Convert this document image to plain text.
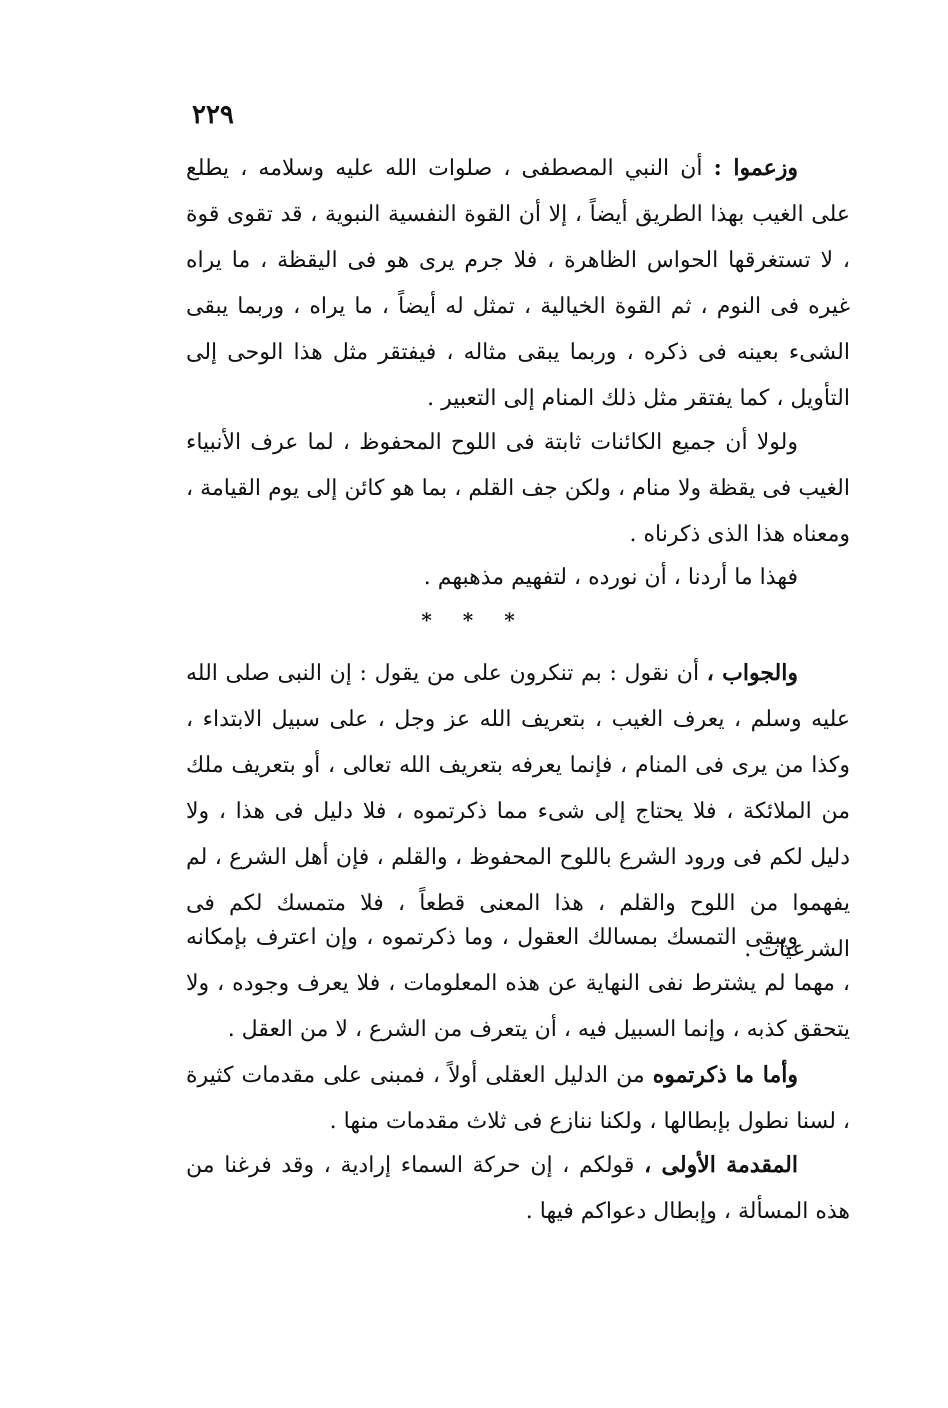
٢٢٩

وزعموا : أن النبي المصطفى ، صلوات الله عليه وسلامه ، يطلع على الغيب بهذا الطريق أيضاً ، إلا أن القوة النفسية النبوية ، قد تقوى قوة ، لا تستغرقها الحواس الظاهرة ، فلا جرم يرى هو فى اليقظة ، ما يراه غيره فى النوم ، ثم القوة الخيالية ، تمثل له أيضاً ، ما يراه ، وربما يبقى الشىء بعينه فى ذكره ، وربما يبقى مثاله ، فيفتقر مثل هذا الوحى إلى التأويل ، كما يفتقر مثل ذلك المنام إلى التعبير .

ولولا أن جميع الكائنات ثابتة فى اللوح المحفوظ ، لما عرف الأنبياء الغيب فى يقظة ولا منام ، ولكن جف القلم ، بما هو كائن إلى يوم القيامة ، ومعناه هذا الذى ذكرناه .

فهذا ما أردنا ، أن نورده ، لتفهيم مذهبهم .

* * *

والجواب ، أن نقول : بم تنكرون على من يقول : إن النبى صلى الله عليه وسلم ، يعرف الغيب ، بتعريف الله عز وجل ، على سبيل الابتداء ، وكذا من يرى فى المنام ، فإنما يعرفه بتعريف الله تعالى ، أو بتعريف ملك من الملائكة ، فلا يحتاج إلى شىء مما ذكرتموه ، فلا دليل فى هذا ، ولا دليل لكم فى ورود الشرع باللوح المحفوظ ، والقلم ، فإن أهل الشرع ، لم يفهموا من اللوح والقلم ، هذا المعنى قطعاً ، فلا متمسك لكم فى الشرعيات .

ويبقى التمسك بمسالك العقول ، وما ذكرتموه ، وإن اعترف بإمكانه ، مهما لم يشترط نفى النهاية عن هذه المعلومات ، فلا يعرف وجوده ، ولا يتحقق كذبه ، وإنما السبيل فيه ، أن يتعرف من الشرع ، لا من العقل .

وأما ما ذكرتموه من الدليل العقلى أولاً ، فمبنى على مقدمات كثيرة ، لسنا نطول بإبطالها ، ولكنا ننازع فى ثلاث مقدمات منها .

المقدمة الأولى ، قولكم ، إن حركة السماء إرادية ، وقد فرغنا من هذه المسألة ، وإبطال دعواكم فيها .
